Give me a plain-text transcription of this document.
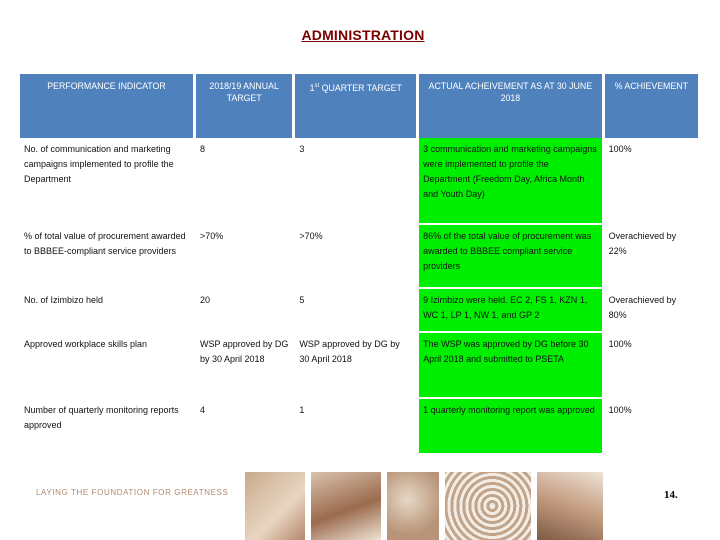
ADMINISTRATION
PERFORMANCE INDICATOR	2018/19 ANNUAL TARGET	1st QUARTER TARGET	ACTUAL ACHEIVEMENT AS AT 30 JUNE 2018	% ACHIEVEMENT
No. of communication and marketing campaigns implemented to profile the Department	8	3	3 communication and marketing campaigns were implemented to profile the Department (Freedom Day, Africa Month and Youth Day)	100%
% of total value of procurement awarded to BBBEE-compliant service providers	>70%	>70%	86% of the total value of procurement was awarded to BBBEE compliant service providers	Overachieved by 22%
No. of Izimbizo held	20	5	9 Izimbizo were held. EC 2, FS 1, KZN 1, WC 1, LP 1, NW 1, and GP 2	Overachieved by 80%
Approved workplace skills plan	WSP approved by DG by 30 April 2018	WSP approved by DG by 30 April 2018	The WSP was approved by DG before 30 April 2018 and submitted to PSETA	100%
Number of quarterly monitoring reports approved	4	1	1 quarterly monitoring report was approved	100%
LAYING THE FOUNDATION FOR GREATNESS	14.
